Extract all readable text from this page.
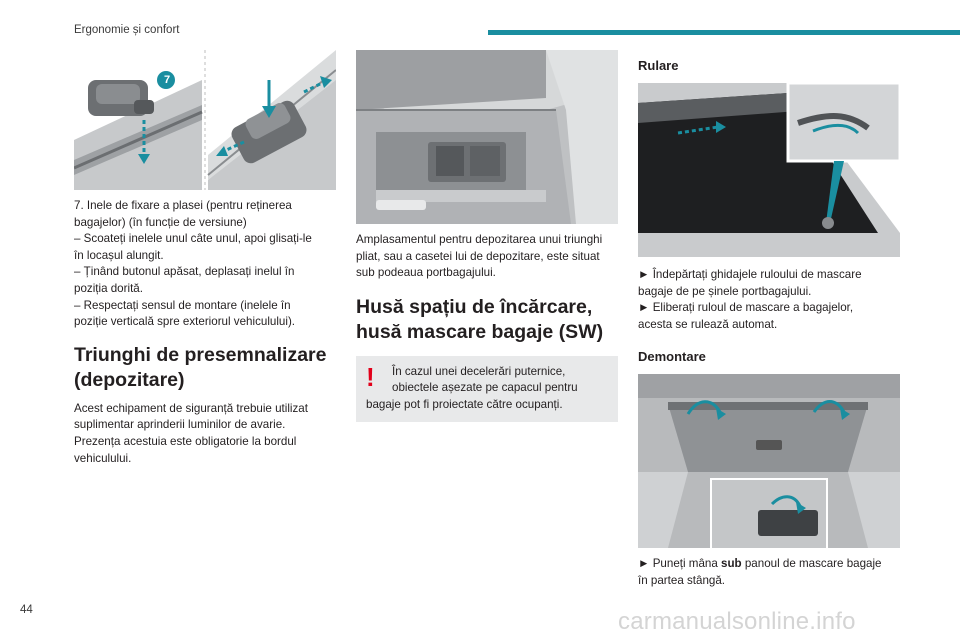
Ergonomie și confort
7

7. Inele de fixare a plasei (pentru reținerea

bagajelor) (în funcție de versiune)

– Scoateți inelele unul câte unul, apoi glisați-le

în locașul alungit.

– Ținând butonul apăsat, deplasați inelul în

poziția dorită.

– Respectați sensul de montare (inelele în

poziție verticală spre exteriorul vehiculului).

Triunghi de presemnalizare

(depozitare)

Acest echipament de siguranță trebuie utilizat

suplimentar aprinderii luminilor de avarie.

Prezența acestuia este obligatorie la bordul

vehiculului.

Amplasamentul pentru depozitarea unui triunghi

pliat, sau a casetei lui de depozitare, este situat

sub podeaua portbagajului.

Husă spațiu de încărcare,

husă mascare bagaje (SW)

! În cazul unei decelerări puternice,

obiectele așezate pe capacul pentru

bagaje pot fi proiectate către ocupanți.

Rulare

► Îndepărtați ghidajele ruloului de mascare

bagaje de pe șinele portbagajului.

► Eliberați ruloul de mascare a bagajelor,

acesta se rulează automat.

Demontare

► Puneți mâna sub panoul de mascare bagaje

în partea stângă.

44	carmanualsonline.info
